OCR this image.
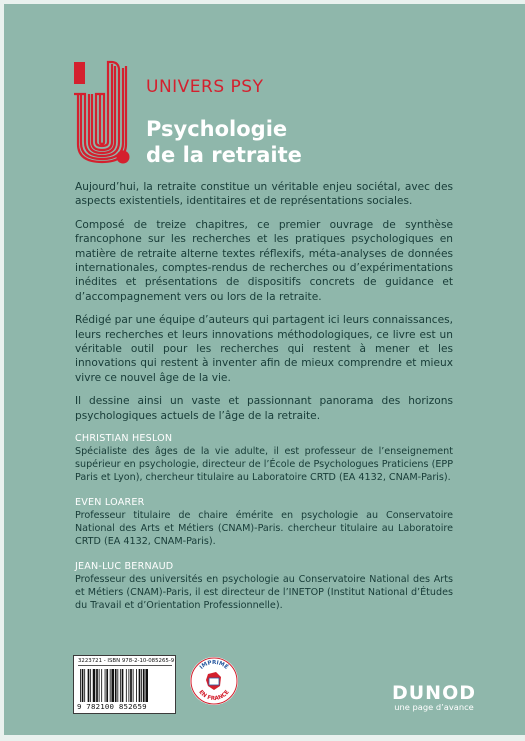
UNIVERS PSY
Psychologie
de la retraite

Aujourd’hui, la retraite constitue un véritable enjeu sociétal, avec des aspects existentiels, identitaires et de représentations sociales.

Composé de treize chapitres, ce premier ouvrage de synthèse francophone sur les recherches et les pratiques psychologiques en matière de retraite alterne textes réflexifs, méta-analyses de données internationales, comptes-rendus de recherches ou d’expérimentations inédites et présentations de dispositifs concrets de guidance et d’accompagnement vers ou lors de la retraite.

Rédigé par une équipe d’auteurs qui partagent ici leurs connaissances, leurs recherches et leurs innovations méthodologiques, ce livre est un véritable outil pour les recherches qui restent à mener et les innovations qui restent à inventer afin de mieux comprendre et mieux vivre ce nouvel âge de la vie.

Il dessine ainsi un vaste et passionnant panorama des horizons psychologiques actuels de l’âge de la retraite.

CHRISTIAN HESLON
Spécialiste des âges de la vie adulte, il est professeur de l’enseignement supérieur en psychologie, directeur de l’École de Psychologues Praticiens (EPP Paris et Lyon), chercheur titulaire au Laboratoire CRTD (EA 4132, CNAM-Paris).
EVEN LOARER
Professeur titulaire de chaire émérite en psychologie au Conservatoire National des Arts et Métiers (CNAM)-Paris. chercheur titulaire au Laboratoire CRTD (EA 4132, CNAM-Paris).
JEAN-LUC BERNAUD
Professeur des universités en psychologie au Conservatoire National des Arts et Métiers (CNAM)-Paris, il est directeur de l’INETOP (Institut National d’Études du Travail et d’Orientation Professionnelle).
3223721 - ISBN 978-2-10-085265-9
9 782100 852659
IMPRIMÉ
EN FRANCE	DUNOD
une page d’avance
